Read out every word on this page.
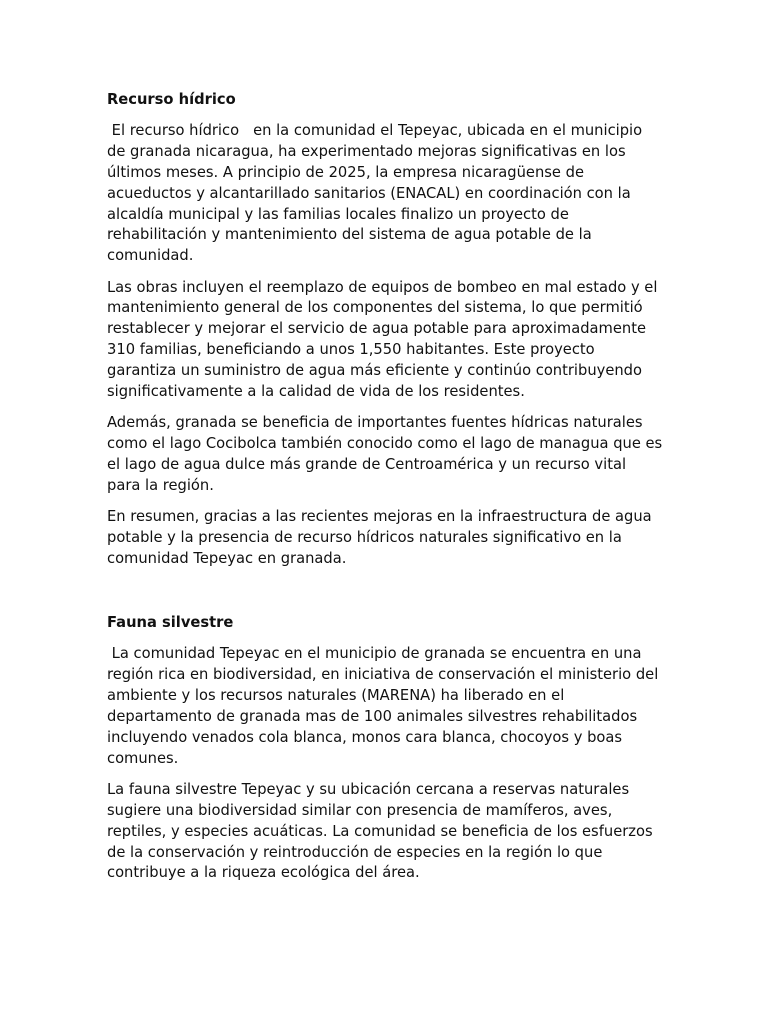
Recurso hídrico

El recurso hídrico   en la comunidad el Tepeyac, ubicada en el municipio de granada nicaragua, ha experimentado mejoras significativas en los últimos meses. A principio de 2025, la empresa nicaragüense de acueductos y alcantarillado sanitarios (ENACAL) en coordinación con la alcaldía municipal y las familias locales finalizo un proyecto de rehabilitación y mantenimiento del sistema de agua potable de la comunidad.

Las obras incluyen el reemplazo de equipos de bombeo en mal estado y el mantenimiento general de los componentes del sistema, lo que permitió restablecer y mejorar el servicio de agua potable para aproximadamente 310 familias, beneficiando a unos 1,550 habitantes. Este proyecto garantiza un suministro de agua más eficiente y continúo contribuyendo significativamente a la calidad de vida de los residentes.

Además, granada se beneficia de importantes fuentes hídricas naturales como el lago Cocibolca también conocido como el lago de managua que es el lago de agua dulce más grande de Centroamérica y un recurso vital para la región.

En resumen, gracias a las recientes mejoras en la infraestructura de agua potable y la presencia de recurso hídricos naturales significativo en la comunidad Tepeyac en granada.

Fauna silvestre

La comunidad Tepeyac en el municipio de granada se encuentra en una región rica en biodiversidad, en iniciativa de conservación el ministerio del ambiente y los recursos naturales (MARENA) ha liberado en el departamento de granada mas de 100 animales silvestres rehabilitados incluyendo venados cola blanca, monos cara blanca, chocoyos y boas comunes.

La fauna silvestre Tepeyac y su ubicación cercana a reservas naturales sugiere una biodiversidad similar con presencia de mamíferos, aves, reptiles, y especies acuáticas. La comunidad se beneficia de los esfuerzos de la conservación y reintroducción de especies en la región lo que contribuye a la riqueza ecológica del área.
